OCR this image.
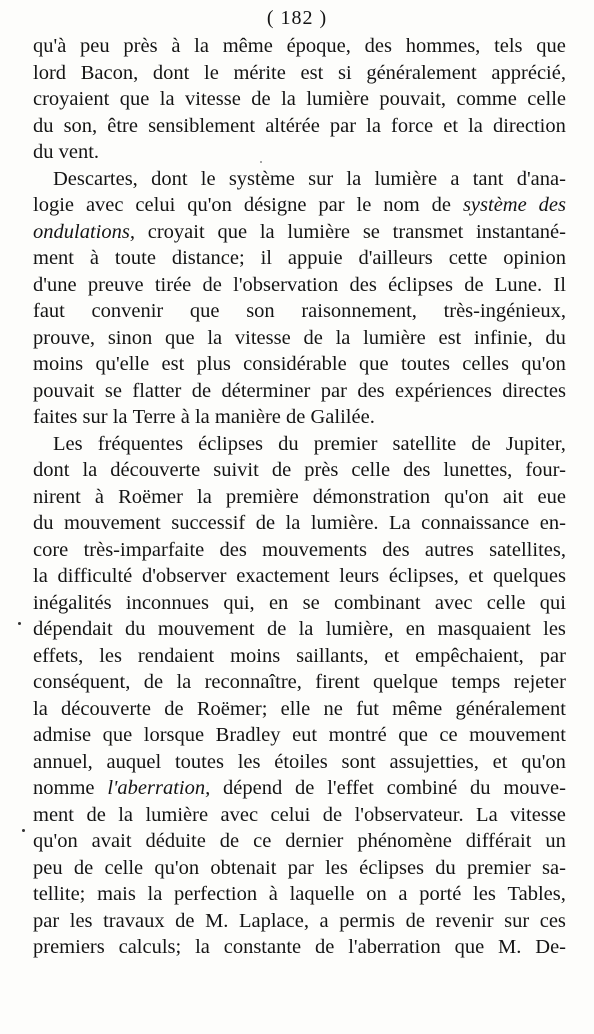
( 182 )
qu'à peu près à la même époque, des hommes, tels que
lord Bacon, dont le mérite est si généralement apprécié,
croyaient que la vitesse de la lumière pouvait, comme celle
du son, être sensiblement altérée par la force et la direction
du
vent.
Descartes, dont le système sur la lumière a tant d'ana-
logie avec celui qu'on désigne par le nom de système des
ondulations, croyait que la lumière se transmet instantané-
ment à toute distance; il appuie d'ailleurs cette opinion
d'une preuve tirée de l'observation des éclipses de Lune. Il
faut convenir que son raisonnement, très-ingénieux,
prouve, sinon que la vitesse de la lumière est infinie, du
moins qu'elle est plus considérable que toutes celles qu'on
pouvait se flatter de déterminer par des expériences directes
faites
sur
la
Terre
à
la
manière
de
Galilée.
Les fréquentes éclipses du premier satellite de Jupiter,
dont la découverte suivit de près celle des lunettes, four-
nirent à Roëmer la première démonstration qu'on ait eue
du mouvement successif de la lumière. La connaissance en-
core très-imparfaite des mouvements des autres satellites,
la difficulté d'observer exactement leurs éclipses, et quelques
inégalités inconnues qui, en se combinant avec celle qui
dépendait du mouvement de la lumière, en masquaient les
effets, les rendaient moins saillants, et empêchaient, par
conséquent, de la reconnaître, firent quelque temps rejeter
la découverte de Roëmer; elle ne fut même généralement
admise que lorsque Bradley eut montré que ce mouvement
annuel, auquel toutes les étoiles sont assujetties, et qu'on
nomme l'aberration, dépend de l'effet combiné du mouve-
ment de la lumière avec celui de l'observateur. La vitesse
qu'on avait déduite de ce dernier phénomène différait un
peu de celle qu'on obtenait par les éclipses du premier sa-
tellite; mais la perfection à laquelle on a porté les Tables,
par les travaux de M. Laplace, a permis de revenir sur ces
premiers calculs; la constante de l'aberration que M. De-
